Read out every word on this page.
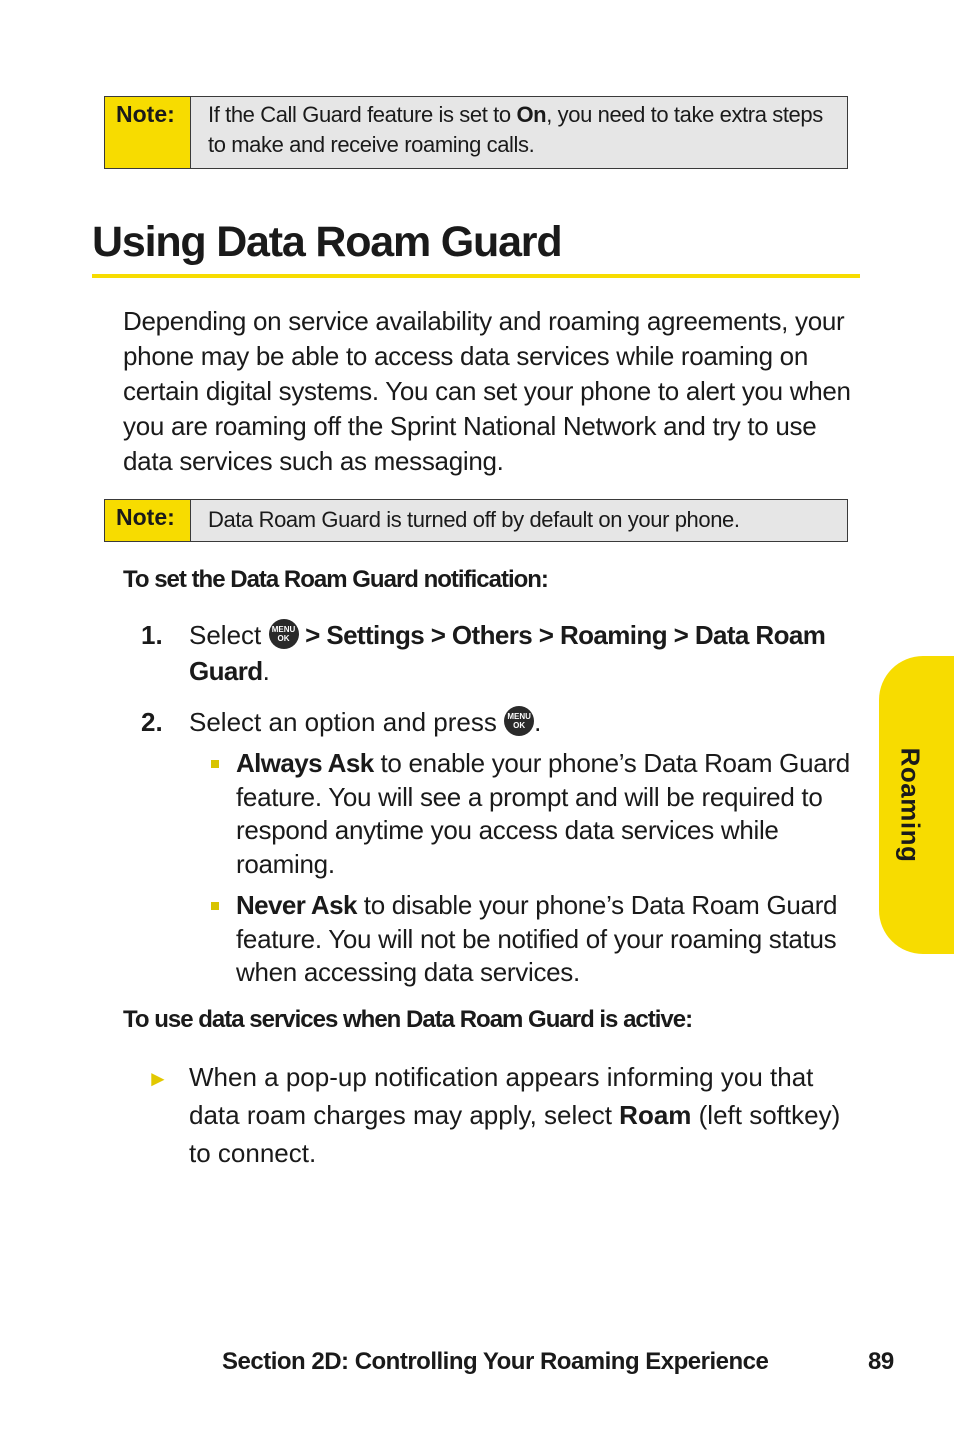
Note:	If the Call Guard feature is set to On, you need to take extra steps to make and receive roaming calls.
Using Data Roam Guard

Depending on service availability and roaming agreements, your phone may be able to access data services while roaming on certain digital systems. You can set your phone to alert you when you are roaming off the Sprint National Network and try to use data services such as messaging.

Note:	Data Roam Guard is turned off by default on your phone.
To set the Data Roam Guard notification:
1. Select MENU
OK > Settings > Others > Roaming > Data Roam Guard.
2. Select an option and press MENU
OK .
Always Ask to enable your phone’s Data Roam Guard feature. You will see a prompt and will be required to respond anytime you access data services while roaming.
Never Ask to disable your phone’s Data Roam Guard feature. You will not be notified of your roaming status when accessing data services.
To use data services when Data Roam Guard is active:
► When a pop-up notification appears informing you that data roam charges may apply, select Roam (left softkey) to connect.
Roaming
Section 2D: Controlling Your Roaming Experience	89
